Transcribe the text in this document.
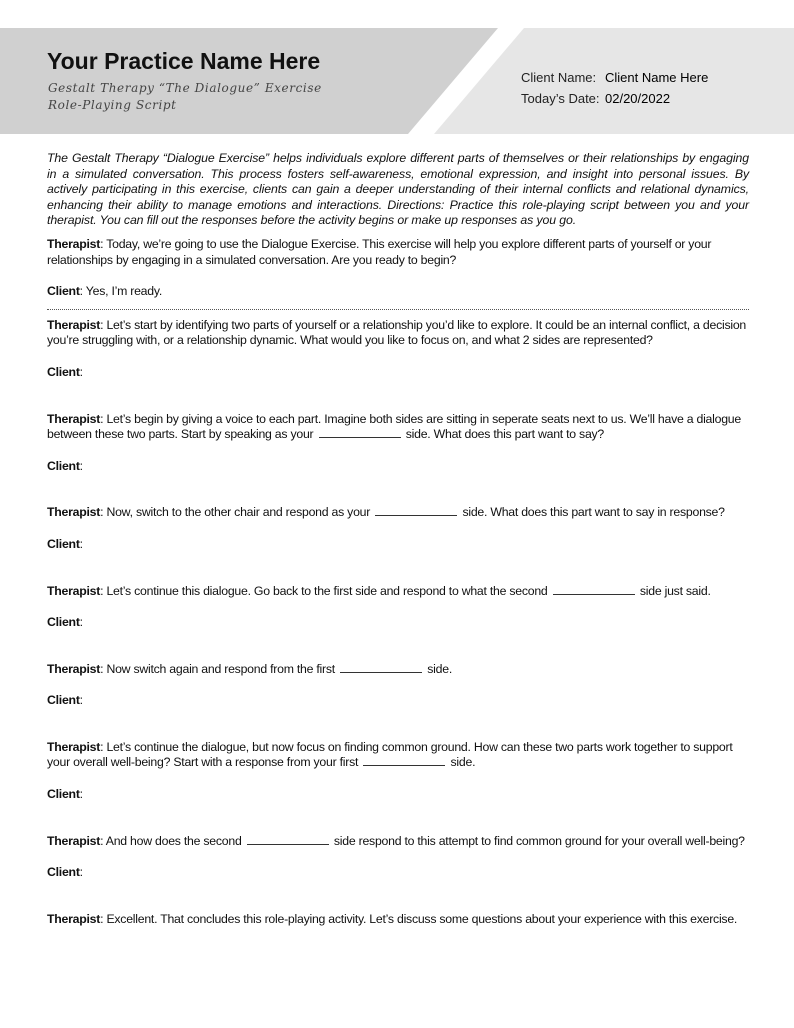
Your Practice Name Here
Gestalt Therapy “The Dialogue” Exercise
Role-Playing Script
Client Name: Client Name Here
Today’s Date: 02/20/2022

The Gestalt Therapy “Dialogue Exercise” helps individuals explore different parts of themselves or their relationships by engaging in a simulated conversation. This process fosters self-awareness, emotional expression, and insight into personal issues. By actively participating in this exercise, clients can gain a deeper understanding of their internal conflicts and relational dynamics, enhancing their ability to manage emotions and interactions. Directions: Practice this role-playing script between you and your therapist. You can fill out the responses before the activity begins or make up responses as you go.

Therapist: Today, we’re going to use the Dialogue Exercise. This exercise will help you explore different parts of yourself or your relationships by engaging in a simulated conversation. Are you ready to begin?

Client: Yes, I’m ready.

Therapist: Let’s start by identifying two parts of yourself or a relationship you’d like to explore. It could be an internal conflict, a decision you’re struggling with, or a relationship dynamic. What would you like to focus on, and what 2 sides are represented?

Client:

Therapist: Let’s begin by giving a voice to each part. Imagine both sides are sitting in seperate seats next to us. We’ll have a dialogue between these two parts. Start by speaking as your	side. What does this part want to say?

Client:

Therapist: Now, switch to the other chair and respond as your	side. What does this part want to say in response?

Client:

Therapist: Let’s continue this dialogue. Go back to the first side and respond to what the second	side just said.

Client:

Therapist: Now switch again and respond from the first	side.

Client:

Therapist: Let’s continue the dialogue, but now focus on finding common ground. How can these two parts work together to support your overall well-being? Start with a response from your first	side.

Client:

Therapist: And how does the second	side respond to this attempt to find common ground for your overall well-being?

Client:

Therapist: Excellent. That concludes this role-playing activity. Let’s discuss some questions about your experience with this exercise.
